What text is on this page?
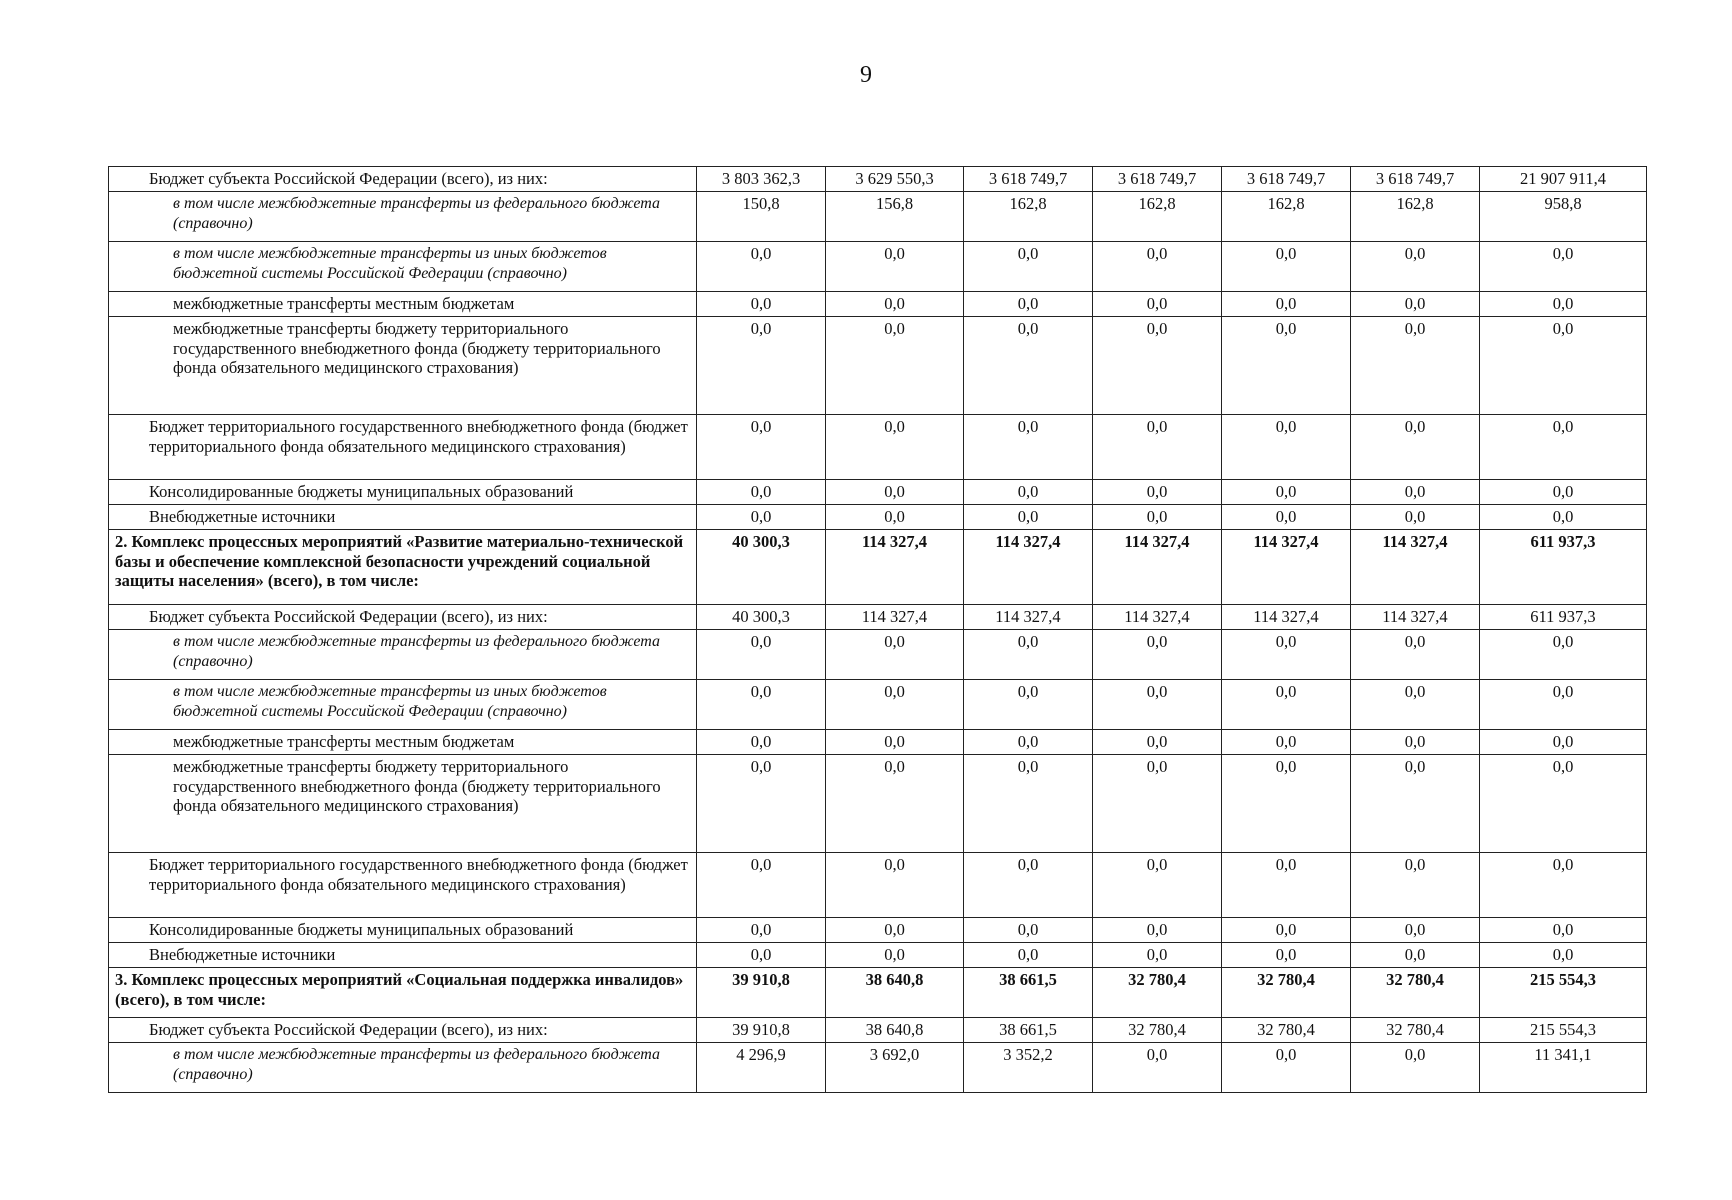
9
Бюджет субъекта Российской Федерации (всего), из них:	3 803 362,3	3 629 550,3	3 618 749,7	3 618 749,7	3 618 749,7	3 618 749,7	21 907 911,4
в том числе межбюджетные трансферты из федерального бюджета (справочно)	150,8	156,8	162,8	162,8	162,8	162,8	958,8
в том числе межбюджетные трансферты из иных бюджетов бюджетной системы Российской Федерации (справочно)	0,0	0,0	0,0	0,0	0,0	0,0	0,0
межбюджетные трансферты местным бюджетам	0,0	0,0	0,0	0,0	0,0	0,0	0,0
межбюджетные трансферты бюджету территориального государственного внебюджетного фонда (бюджету территориального фонда обязательного медицинского страхования)	0,0	0,0	0,0	0,0	0,0	0,0	0,0
Бюджет территориального государственного внебюджетного фонда (бюджет территориального фонда обязательного медицинского страхования)	0,0	0,0	0,0	0,0	0,0	0,0	0,0
Консолидированные бюджеты муниципальных образований	0,0	0,0	0,0	0,0	0,0	0,0	0,0
Внебюджетные источники	0,0	0,0	0,0	0,0	0,0	0,0	0,0
2. Комплекс процессных мероприятий «Развитие материально-технической базы и обеспечение комплексной безопасности учреждений социальной защиты населения» (всего), в том числе:	40 300,3	114 327,4	114 327,4	114 327,4	114 327,4	114 327,4	611 937,3
Бюджет субъекта Российской Федерации (всего), из них:	40 300,3	114 327,4	114 327,4	114 327,4	114 327,4	114 327,4	611 937,3
в том числе межбюджетные трансферты из федерального бюджета (справочно)	0,0	0,0	0,0	0,0	0,0	0,0	0,0
в том числе межбюджетные трансферты из иных бюджетов бюджетной системы Российской Федерации (справочно)	0,0	0,0	0,0	0,0	0,0	0,0	0,0
межбюджетные трансферты местным бюджетам	0,0	0,0	0,0	0,0	0,0	0,0	0,0
межбюджетные трансферты бюджету территориального государственного внебюджетного фонда (бюджету территориального фонда обязательного медицинского страхования)	0,0	0,0	0,0	0,0	0,0	0,0	0,0
Бюджет территориального государственного внебюджетного фонда (бюджет территориального фонда обязательного медицинского страхования)	0,0	0,0	0,0	0,0	0,0	0,0	0,0
Консолидированные бюджеты муниципальных образований	0,0	0,0	0,0	0,0	0,0	0,0	0,0
Внебюджетные источники	0,0	0,0	0,0	0,0	0,0	0,0	0,0
3. Комплекс процессных мероприятий «Социальная поддержка инвалидов» (всего), в том числе:	39 910,8	38 640,8	38 661,5	32 780,4	32 780,4	32 780,4	215 554,3
Бюджет субъекта Российской Федерации (всего), из них:	39 910,8	38 640,8	38 661,5	32 780,4	32 780,4	32 780,4	215 554,3
в том числе межбюджетные трансферты из федерального бюджета (справочно)	4 296,9	3 692,0	3 352,2	0,0	0,0	0,0	11 341,1
